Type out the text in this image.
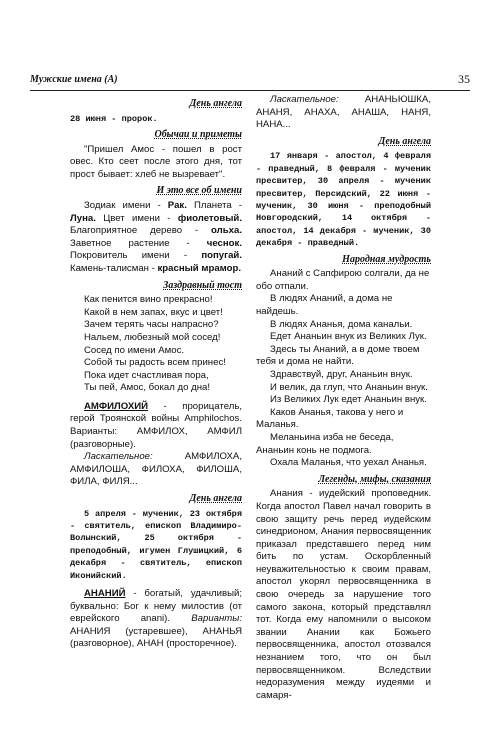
Мужские имена (А)	35
День ангела

28 июня - пророк.

Обычаи и приметы

"Пришел Амос - пошел в рост овес. Кто сеет после этого дня, тот прост бывает: хлеб не вызревает".

И это все об имени

Зодиак имени - Рак. Планета - Луна. Цвет имени - фиолетовый. Благоприятное дерево - ольха. Заветное растение - чеснок. Покровитель имени - попугай. Камень-талисман - красный мрамор.

Заздравный тост

Как пенится вино прекрасно!

Какой в нем запах, вкус и цвет!

Зачем терять часы напрасно?

Нальем, любезный мой сосед!

Сосед по имени Амос.

Собой ты радость всем принес!

Пока идет счастливая пора,

Ты пей, Амос, бокал до дна!

АМФИЛОХИЙ - прорицатель, герой Троянской войны Amphilochos. Варианты: АМФИЛОХ, АМФИЛ (разговорные).

Ласкательное: АМФИЛОХА, АМФИЛОША, ФИЛОХА, ФИЛОША, ФИЛА, ФИЛЯ...

День ангела

5 апреля - мученик, 23 октября - святитель, епископ Владимиро-Волынский, 25 октября - преподобный, игумен Глушицкий, 6 декабря - святитель, епископ Иконийский.

АНАНИЙ - богатый, удачливый; буквально: Бог к нему милостив (от еврейского anani). Варианты: АНАНИЯ (устаревшее), АНАНЬЯ (разговорное), АНАН (просторечное).

Ласкательное: АНАНЬЮШКА, АНАНЯ, АНАХА, АНАША, НАНЯ, НАНА...

День ангела

17 января - апостол, 4 февраля - праведный, 8 февраля - мученик пресвитер, 30 апреля - мученик пресвитер, Персидский, 22 июня - мученик, 30 июня - преподобный Новгородский, 14 октября - апостол, 14 декабря - мученик, 30 декабря - праведный.

Народная мудрость

Ананий с Сапфирою солгали, да не обо отпали.

В людях Ананий, а дома не найдешь.

В людях Ананья, дома канальи.

Едет Ананьин внук из Великих Лук.

Здесь ты Ананий, а в доме твоем тебя и дома не найти.

Здравствуй, друг, Ананьин внук.

И велик, да глуп, что Ананьин внук.

Из Великих Лук едет Ананьин внук.

Каков Ананья, такова у него и Маланья.

Меланьина изба не беседа, Ананьин конь не подмога.

Охала Маланья, что уехал Ананья.

Легенды, мифы, сказания

Анания - иудейский проповедник. Когда апостол Павел начал говорить в свою защиту речь перед иудейским синедрионом, Анания первосвященник приказал представшего перед ним бить по устам. Оскорбленный неуважительностью к своим правам, апостол укорял первосвященника в свою очередь за нарушение того самого закона, который представлял тот. Когда ему напомнили о высоком звании Анании как Божьего первосвященника, апостол отозвался незнанием того, что он был первосвященником. Вследствии недоразумения между иудеями и самаря-
